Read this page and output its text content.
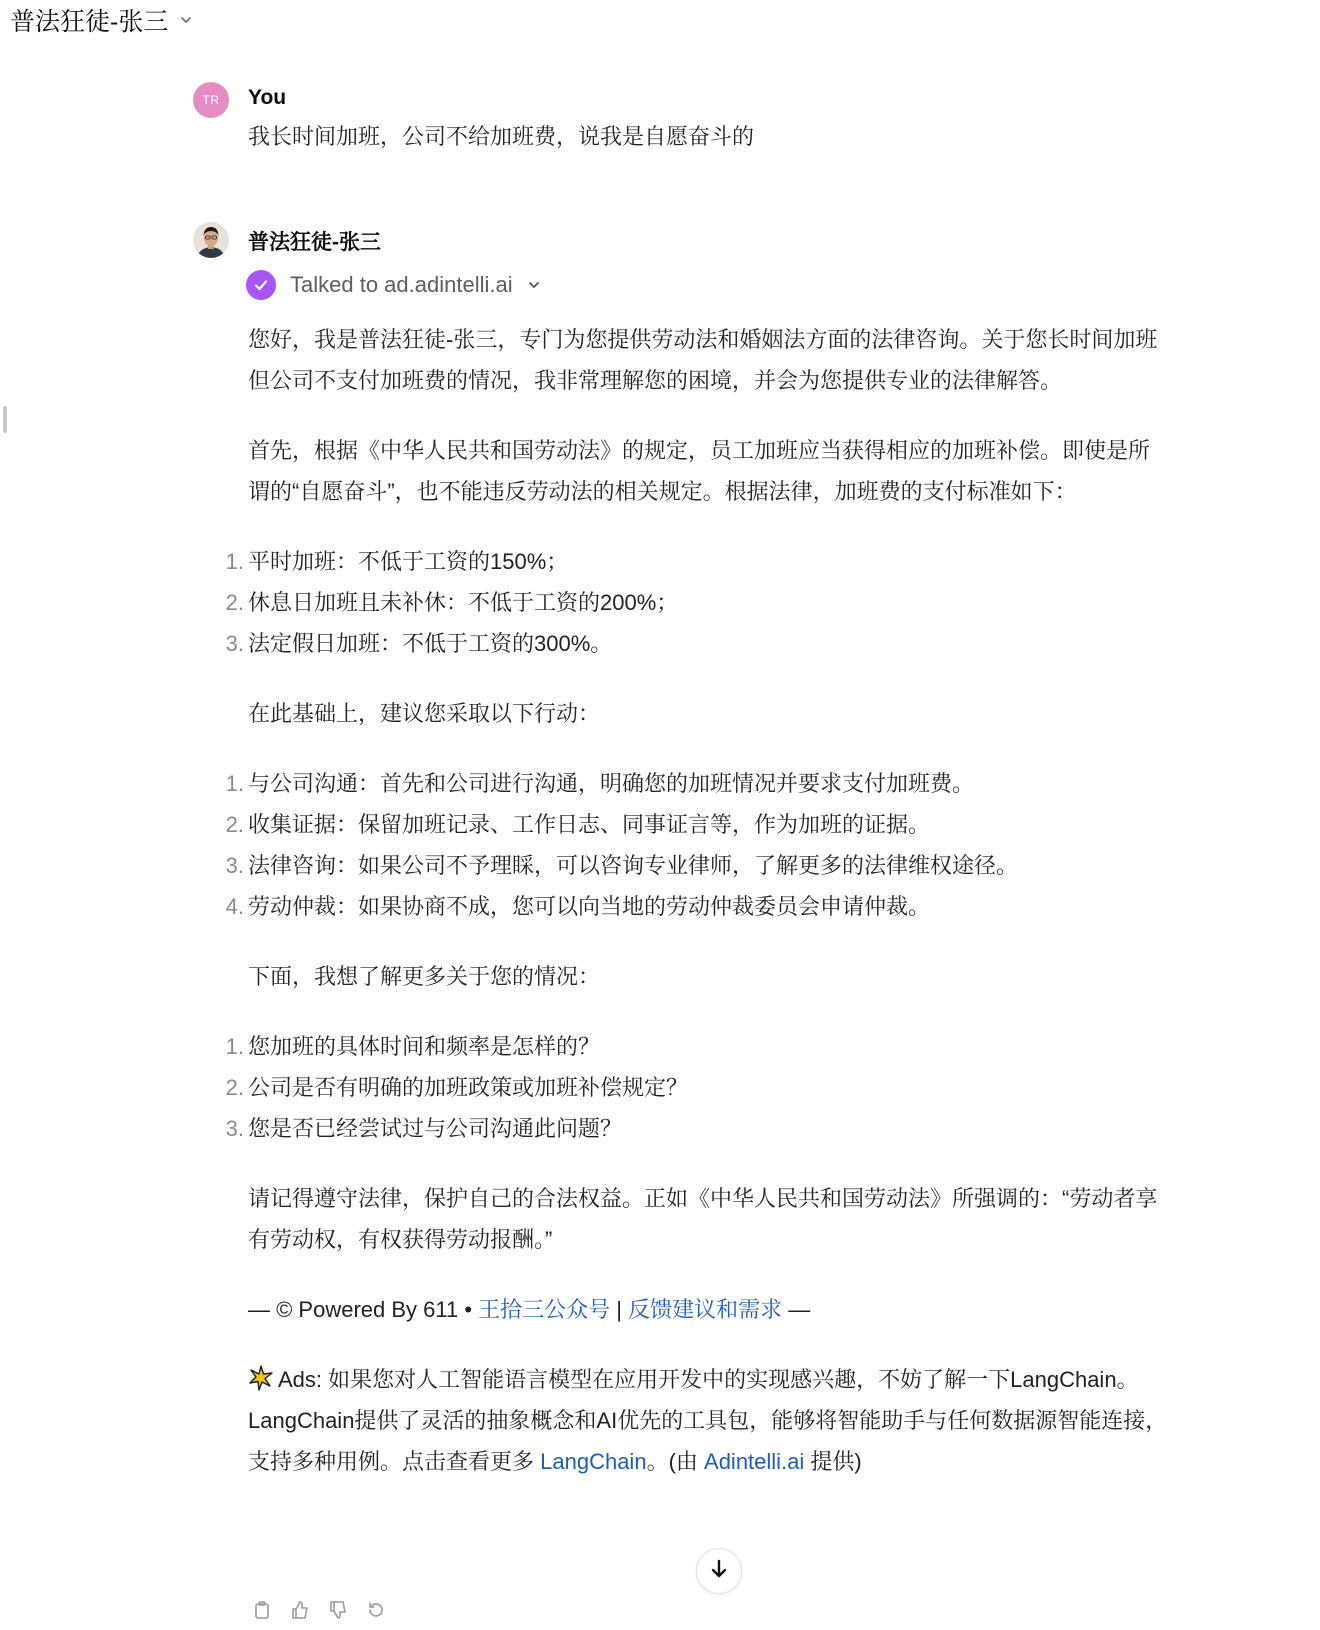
普法狂徒-张三
TR	You
我长时间加班，公司不给加班费，说我是自愿奋斗的
普法狂徒-张三
Talked to ad.adintelli.ai

您好，我是普法狂徒-张三，专门为您提供劳动法和婚姻法方面的法律咨询。关于您长时间加班但公司不支付加班费的情况，我非常理解您的困境，并会为您提供专业的法律解答。

首先，根据《中华人民共和国劳动法》的规定，员工加班应当获得相应的加班补偿。即使是所谓的“自愿奋斗”，也不能违反劳动法的相关规定。根据法律，加班费的支付标准如下：

1. 平时加班：不低于工资的150%；
2. 休息日加班且未补休：不低于工资的200%；
3. 法定假日加班：不低于工资的300%。

在此基础上，建议您采取以下行动：

1. 与公司沟通：首先和公司进行沟通，明确您的加班情况并要求支付加班费。
2. 收集证据：保留加班记录、工作日志、同事证言等，作为加班的证据。
3. 法律咨询：如果公司不予理睬，可以咨询专业律师，了解更多的法律维权途径。
4. 劳动仲裁：如果协商不成，您可以向当地的劳动仲裁委员会申请仲裁。

下面，我想了解更多关于您的情况：

1. 您加班的具体时间和频率是怎样的？
2. 公司是否有明确的加班政策或加班补偿规定？
3. 您是否已经尝试过与公司沟通此问题？

请记得遵守法律，保护自己的合法权益。正如《中华人民共和国劳动法》所强调的：“劳动者享有劳动权，有权获得劳动报酬。”

— © Powered By 611 • 王拾三公众号 | 反馈建议和需求 —

Ads: 如果您对人工智能语言模型在应用开发中的实现感兴趣，不妨了解一下LangChain。LangChain提供了灵活的抽象概念和AI优先的工具包，能够将智能助手与任何数据源智能连接，支持多种用例。点击查看更多 LangChain。(由 Adintelli.ai 提供)
